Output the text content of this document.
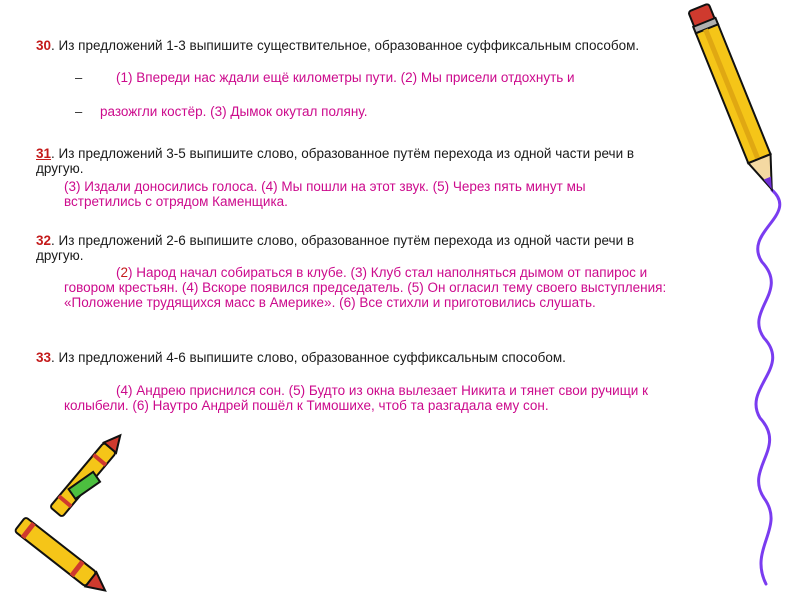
30. Из предложений 1-3 выпишите существительное, образованное суффиксальным способом.
–	(1) Впереди нас ждали ещё километры пути. (2) Мы присели отдохнуть и
– разожгли костёр. (3) Дымок окутал поляну.
31. Из предложений 3-5 выпишите слово, образованное путём перехода из одной части речи в другую.
(3) Издали доносились голоса. (4) Мы пошли на этот звук. (5) Через пять минут мы встретились с отрядом Каменщика.
32. Из предложений 2-6 выпишите слово, образованное путём перехода из одной части речи в другую.
(2) Народ начал собираться в клубе. (3) Клуб стал наполняться дымом от папирос и говором крестьян. (4) Вскоре появился председатель. (5) Он огласил тему своего выступления: «Положение трудящихся масс в Америке». (6) Все стихли и приготовились слушать.
33. Из предложений 4-6 выпишите слово, образованное суффиксальным способом.
(4) Андрею приснился сон. (5) Будто из окна вылезает Никита и тянет свои ручищи к колыбели. (6) Наутро Андрей пошёл к Тимошихе, чтоб та разгадала ему сон.
